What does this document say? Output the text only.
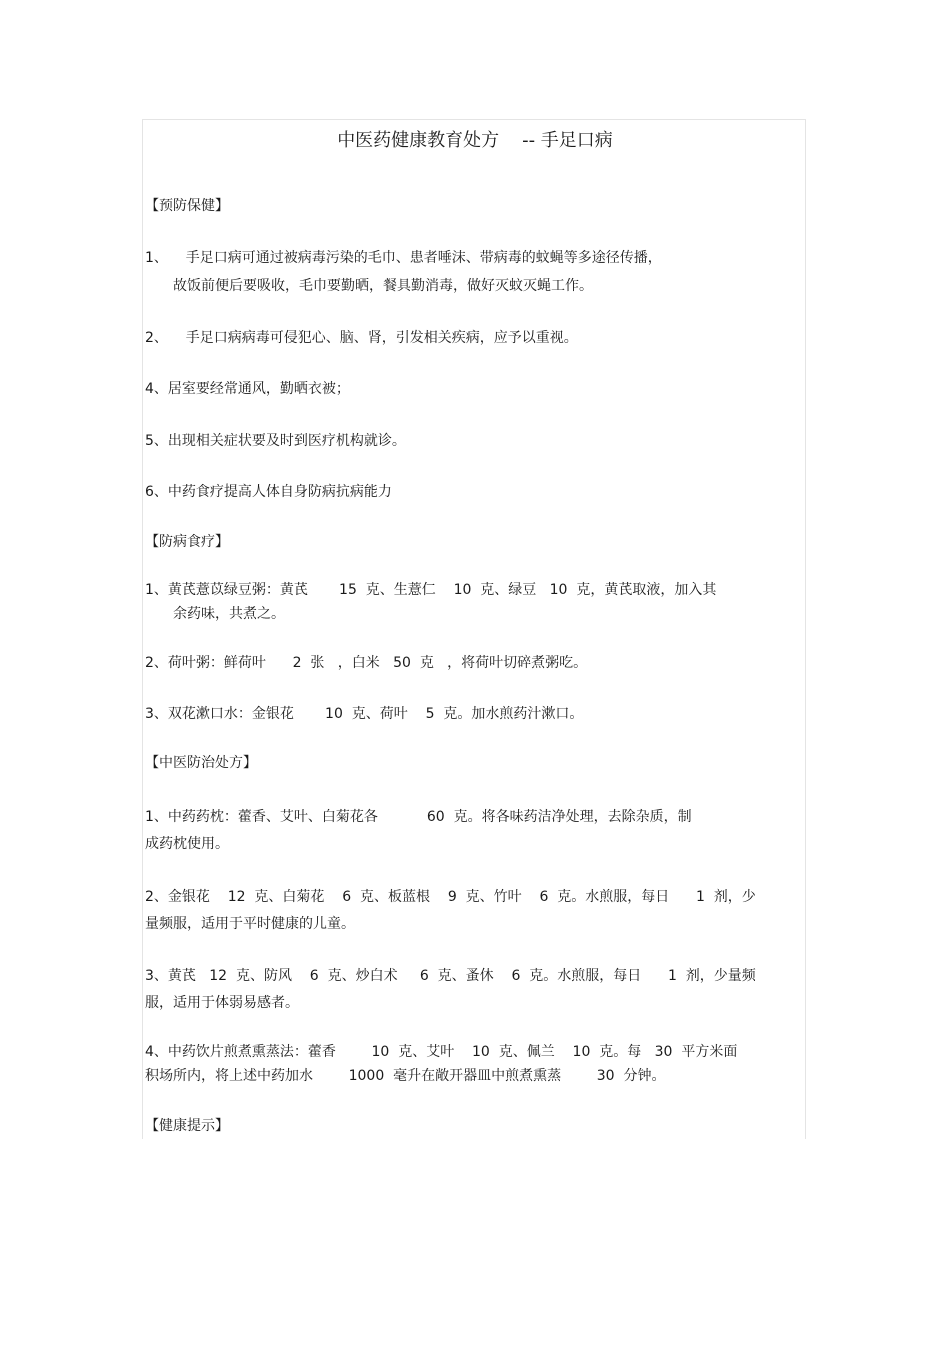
中医药健康教育处方    -- 手足口病
【预防保健】
1、    手足口病可通过被病毒污染的毛巾、患者唾沫、带病毒的蚊蝇等多途径传播，
故饭前便后要吸收，毛巾要勤晒，餐具勤消毒，做好灭蚊灭蝇工作。
2、    手足口病病毒可侵犯心、脑、肾，引发相关疾病，应予以重视。
4、居室要经常通风，勤晒衣被；
5、出现相关症状要及时到医疗机构就诊。
6、中药食疗提高人体自身防病抗病能力
【防病食疗】
1、黄芪薏苡绿豆粥：黄芪       15  克、生薏仁    10  克、绿豆   10  克，黄芪取液，加入其
余药味，共煮之。
2、荷叶粥：鲜荷叶      2  张   ，白米   50  克   ，将荷叶切碎煮粥吃。
3、双花漱口水：金银花       10  克、荷叶    5  克。加水煎药汁漱口。
【中医防治处方】
1、中药药枕：藿香、艾叶、白菊花各           60  克。将各味药洁净处理，去除杂质，制
成药枕使用。
2、金银花    12  克、白菊花    6  克、板蓝根    9  克、竹叶    6  克。水煎服，每日      1  剂，少
量频服，适用于平时健康的儿童。
3、黄芪   12  克、防风    6  克、炒白术     6  克、蚤休    6  克。水煎服，每日      1  剂，少量频
服，适用于体弱易感者。
4、中药饮片煎煮熏蒸法：藿香        10  克、艾叶    10  克、佩兰    10  克。每   30  平方米面
积场所内，将上述中药加水        1000  毫升在敞开器皿中煎煮熏蒸        30  分钟。
【健康提示】
